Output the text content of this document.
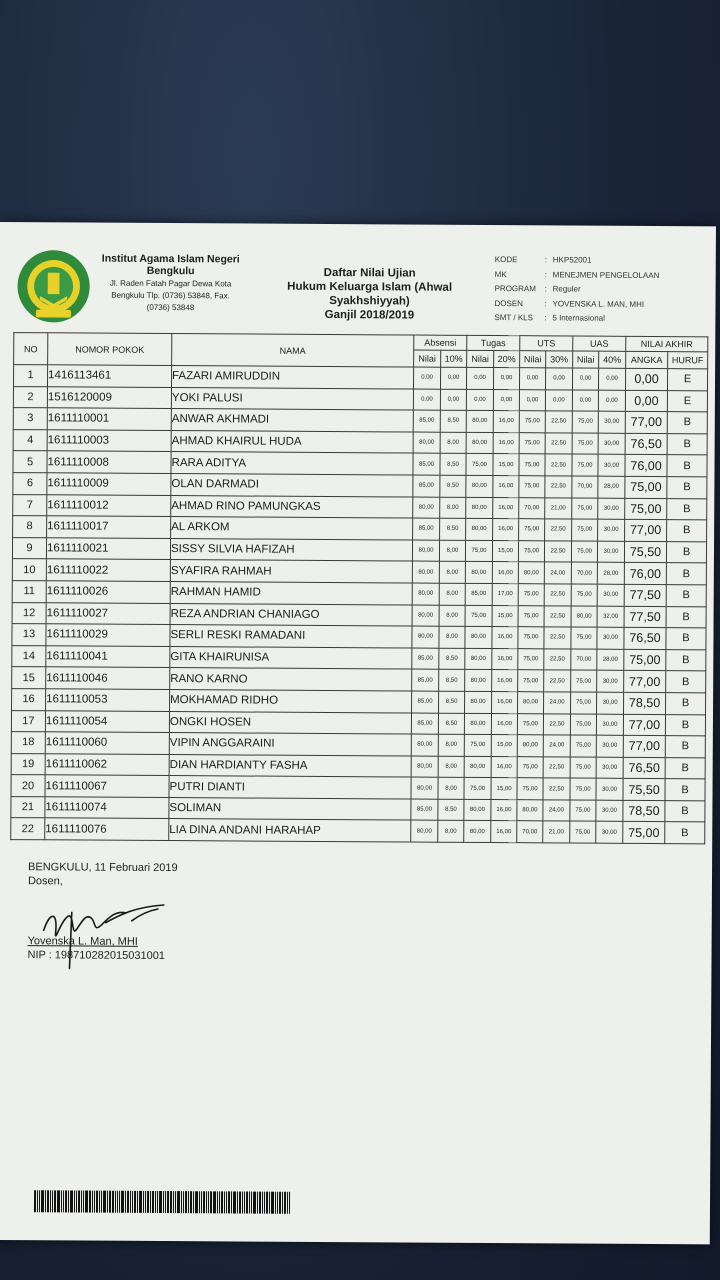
Institut Agama Islam Negeri
Bengkulu
Jl. Raden Fatah Pagar Dewa Kota
Bengkulu Tlp. (0736) 53848, Fax.
(0736) 53848
Daftar Nilai Ujian
Hukum Keluarga Islam (Ahwal
Syakhshiyyah)
Ganjil 2018/2019
KODE	: HKP52001
MK	: MENEJMEN PENGELOLAAN
PROGRAM	: Reguler
DOSEN	: YOVENSKA L. MAN, MHI
SMT / KLS	: 5 Internasional
NO	NOMOR POKOK	NAMA	Absensi		Tugas		UTS		UAS		NILAI AKHIR	
			Nilai	10%	Nilai	20%	Nilai	30%	Nilai	40%	ANGKA	HURUF
1	1416113461	FAZARI AMIRUDDIN	0,00	0,00	0,00	0,00	0,00	0,00	0,00	0,00	0,00	E
2	1516120009	YOKI PALUSI	0,00	0,00	0,00	0,00	0,00	0,00	0,00	0,00	0,00	E
3	1611110001	ANWAR AKHMADI	85,00	8,50	80,00	16,00	75,00	22,50	75,00	30,00	77,00	B
4	1611110003	AHMAD KHAIRUL HUDA	80,00	8,00	80,00	16,00	75,00	22,50	75,00	30,00	76,50	B
5	1611110008	RARA ADITYA	85,00	8,50	75,00	15,00	75,00	22,50	75,00	30,00	76,00	B
6	1611110009	OLAN DARMADI	85,00	8,50	80,00	16,00	75,00	22,50	70,00	28,00	75,00	B
7	1611110012	AHMAD RINO PAMUNGKAS	80,00	8,00	80,00	16,00	70,00	21,00	75,00	30,00	75,00	B
8	1611110017	AL ARKOM	85,00	8,50	80,00	16,00	75,00	22,50	75,00	30,00	77,00	B
9	1611110021	SISSY SILVIA HAFIZAH	80,00	8,00	75,00	15,00	75,00	22,50	75,00	30,00	75,50	B
10	1611110022	SYAFIRA RAHMAH	80,00	8,00	80,00	16,00	80,00	24,00	70,00	28,00	76,00	B
11	1611110026	RAHMAN HAMID	80,00	8,00	85,00	17,00	75,00	22,50	75,00	30,00	77,50	B
12	1611110027	REZA ANDRIAN CHANIAGO	80,00	8,00	75,00	15,00	75,00	22,50	80,00	32,00	77,50	B
13	1611110029	SERLI RESKI RAMADANI	80,00	8,00	80,00	16,00	75,00	22,50	75,00	30,00	76,50	B
14	1611110041	GITA KHAIRUNISA	85,00	8,50	80,00	16,00	75,00	22,50	70,00	28,00	75,00	B
15	1611110046	RANO KARNO	85,00	8,50	80,00	16,00	75,00	22,50	75,00	30,00	77,00	B
16	1611110053	MOKHAMAD RIDHO	85,00	8,50	80,00	16,00	80,00	24,00	75,00	30,00	78,50	B
17	1611110054	ONGKI HOSEN	85,00	8,50	80,00	16,00	75,00	22,50	75,00	30,00	77,00	B
18	1611110060	VIPIN ANGGARAINI	80,00	8,00	75,00	15,00	80,00	24,00	75,00	30,00	77,00	B
19	1611110062	DIAN HARDIANTY FASHA	80,00	8,00	80,00	16,00	75,00	22,50	75,00	30,00	76,50	B
20	1611110067	PUTRI DIANTI	80,00	8,00	75,00	15,00	75,00	22,50	75,00	30,00	75,50	B
21	1611110074	SOLIMAN	85,00	8,50	80,00	16,00	80,00	24,00	75,00	30,00	78,50	B
22	1611110076	LIA DINA ANDANI HARAHAP	80,00	8,00	80,00	16,00	70,00	21,00	75,00	30,00	75,00	B
BENGKULU, 11 Februari 2019
Dosen,
Yovenska L. Man, MHI
NIP : 198710282015031001
